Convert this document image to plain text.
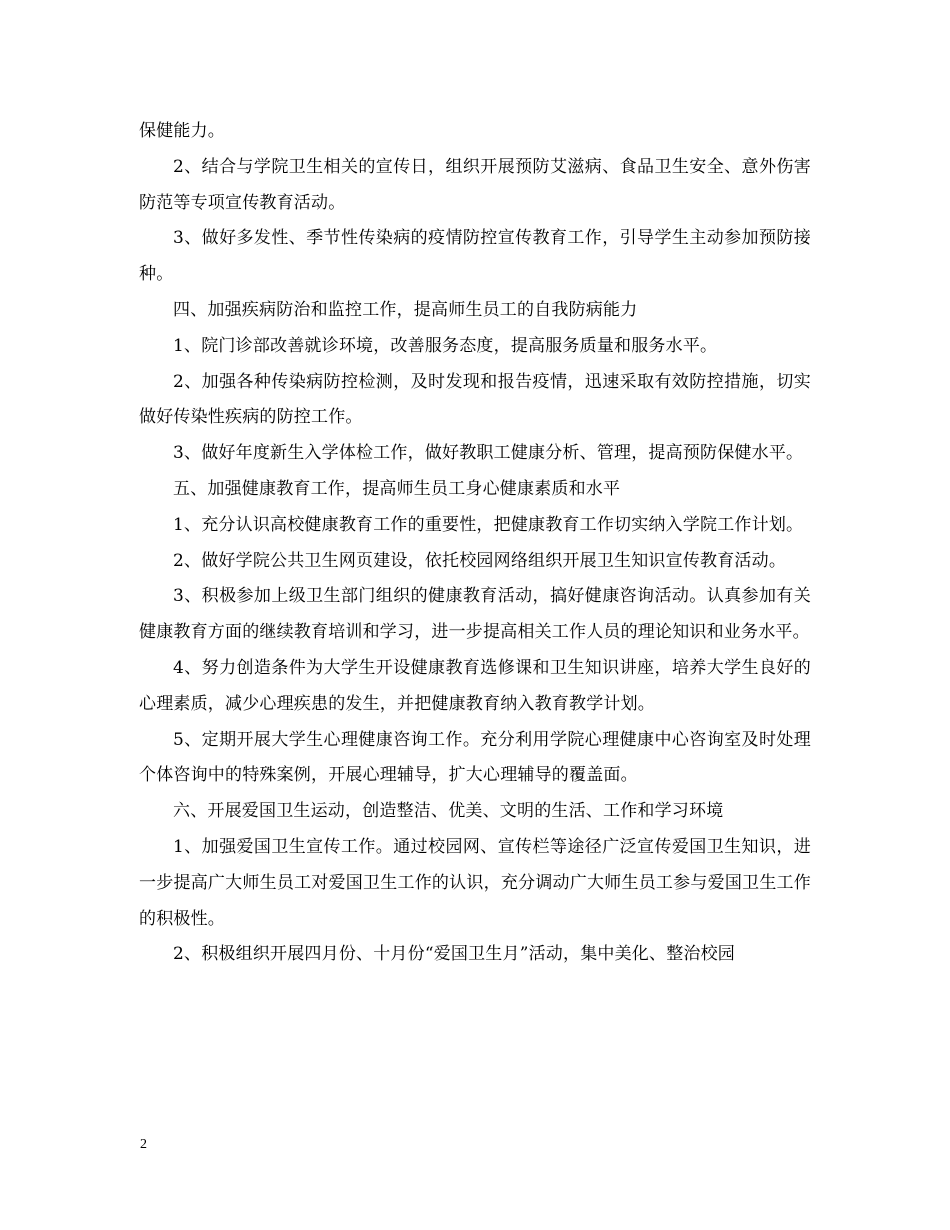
保健能力。

2、结合与学院卫生相关的宣传日，组织开展预防艾滋病、食品卫生安全、意外伤害防范等专项宣传教育活动。

3、做好多发性、季节性传染病的疫情防控宣传教育工作，引导学生主动参加预防接种。

四、加强疾病防治和监控工作，提高师生员工的自我防病能力

1、院门诊部改善就诊环境，改善服务态度，提高服务质量和服务水平。

2、加强各种传染病防控检测，及时发现和报告疫情，迅速采取有效防控措施，切实做好传染性疾病的防控工作。

3、做好年度新生入学体检工作，做好教职工健康分析、管理，提高预防保健水平。

五、加强健康教育工作，提高师生员工身心健康素质和水平

1、充分认识高校健康教育工作的重要性，把健康教育工作切实纳入学院工作计划。

2、做好学院公共卫生网页建设，依托校园网络组织开展卫生知识宣传教育活动。

3、积极参加上级卫生部门组织的健康教育活动，搞好健康咨询活动。认真参加有关健康教育方面的继续教育培训和学习，进一步提高相关工作人员的理论知识和业务水平。

4、努力创造条件为大学生开设健康教育选修课和卫生知识讲座，培养大学生良好的心理素质，减少心理疾患的发生，并把健康教育纳入教育教学计划。

5、定期开展大学生心理健康咨询工作。充分利用学院心理健康中心咨询室及时处理个体咨询中的特殊案例，开展心理辅导，扩大心理辅导的覆盖面。

六、开展爱国卫生运动，创造整洁、优美、文明的生活、工作和学习环境

1、加强爱国卫生宣传工作。通过校园网、宣传栏等途径广泛宣传爱国卫生知识，进一步提高广大师生员工对爱国卫生工作的认识，充分调动广大师生员工参与爱国卫生工作的积极性。

2、积极组织开展四月份、十月份“爱国卫生月”活动，集中美化、整治校园

2
